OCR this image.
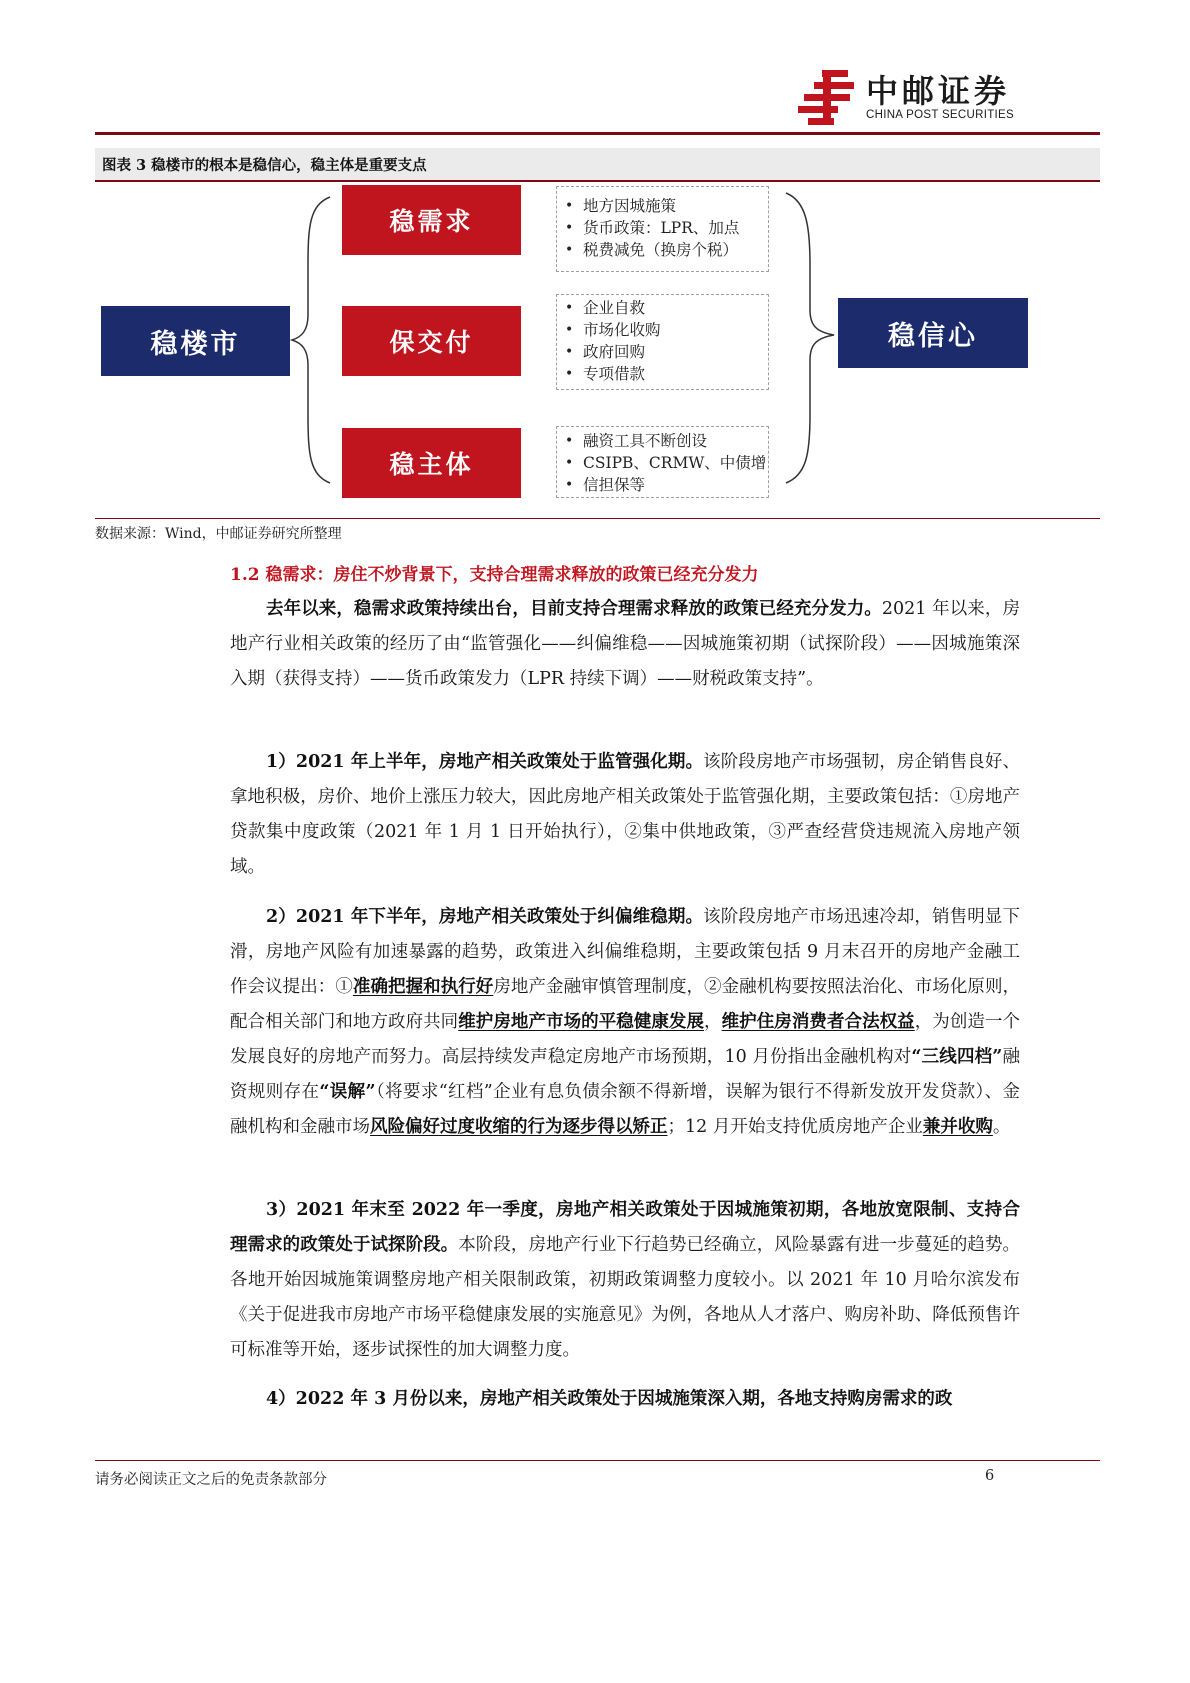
中邮证券
CHINA POST SECURITIES
图表 3 稳楼市的根本是稳信心，稳主体是重要支点
稳楼市	稳信心
稳需求
保交付
稳主体
• 地方因城施策
• 货币政策：LPR、加点
• 税费减免（换房个税）
• 企业自救
• 市场化收购
• 政府回购
• 专项借款
• 融资工具不断创设
• CSIPB、CRMW、中债增
• 信担保等
数据来源：Wind，中邮证券研究所整理
1.2 稳需求：房住不炒背景下，支持合理需求释放的政策已经充分发力
去年以来，稳需求政策持续出台，目前支持合理需求释放的政策已经充分发力。2021 年以来，房地产行业相关政策的经历了由“监管强化——纠偏维稳——因城施策初期（试探阶段）——因城施策深入期（获得支持）——货币政策发力（LPR 持续下调）——财税政策支持”。
1）2021 年上半年，房地产相关政策处于监管强化期。该阶段房地产市场强韧，房企销售良好、拿地积极，房价、地价上涨压力较大，因此房地产相关政策处于监管强化期，主要政策包括：①房地产贷款集中度政策（2021 年 1 月 1 日开始执行），②集中供地政策，③严查经营贷违规流入房地产领域。
2）2021 年下半年，房地产相关政策处于纠偏维稳期。该阶段房地产市场迅速冷却，销售明显下滑，房地产风险有加速暴露的趋势，政策进入纠偏维稳期，主要政策包括 9 月末召开的房地产金融工作会议提出：①准确把握和执行好房地产金融审慎管理制度，②金融机构要按照法治化、市场化原则，配合相关部门和地方政府共同维护房地产市场的平稳健康发展，维护住房消费者合法权益，为创造一个发展良好的房地产而努力。高层持续发声稳定房地产市场预期，10 月份指出金融机构对“三线四档”融资规则存在“误解”（将要求“红档”企业有息负债余额不得新增，误解为银行不得新发放开发贷款）、金融机构和金融市场风险偏好过度收缩的行为逐步得以矫正；12 月开始支持优质房地产企业兼并收购。
3）2021 年末至 2022 年一季度，房地产相关政策处于因城施策初期，各地放宽限制、支持合理需求的政策处于试探阶段。本阶段，房地产行业下行趋势已经确立，风险暴露有进一步蔓延的趋势。各地开始因城施策调整房地产相关限制政策，初期政策调整力度较小。以 2021 年 10 月哈尔滨发布《关于促进我市房地产市场平稳健康发展的实施意见》为例，各地从人才落户、购房补助、降低预售许可标准等开始，逐步试探性的加大调整力度。
4）2022 年 3 月份以来，房地产相关政策处于因城施策深入期，各地支持购房需求的政
请务必阅读正文之后的免责条款部分	6
